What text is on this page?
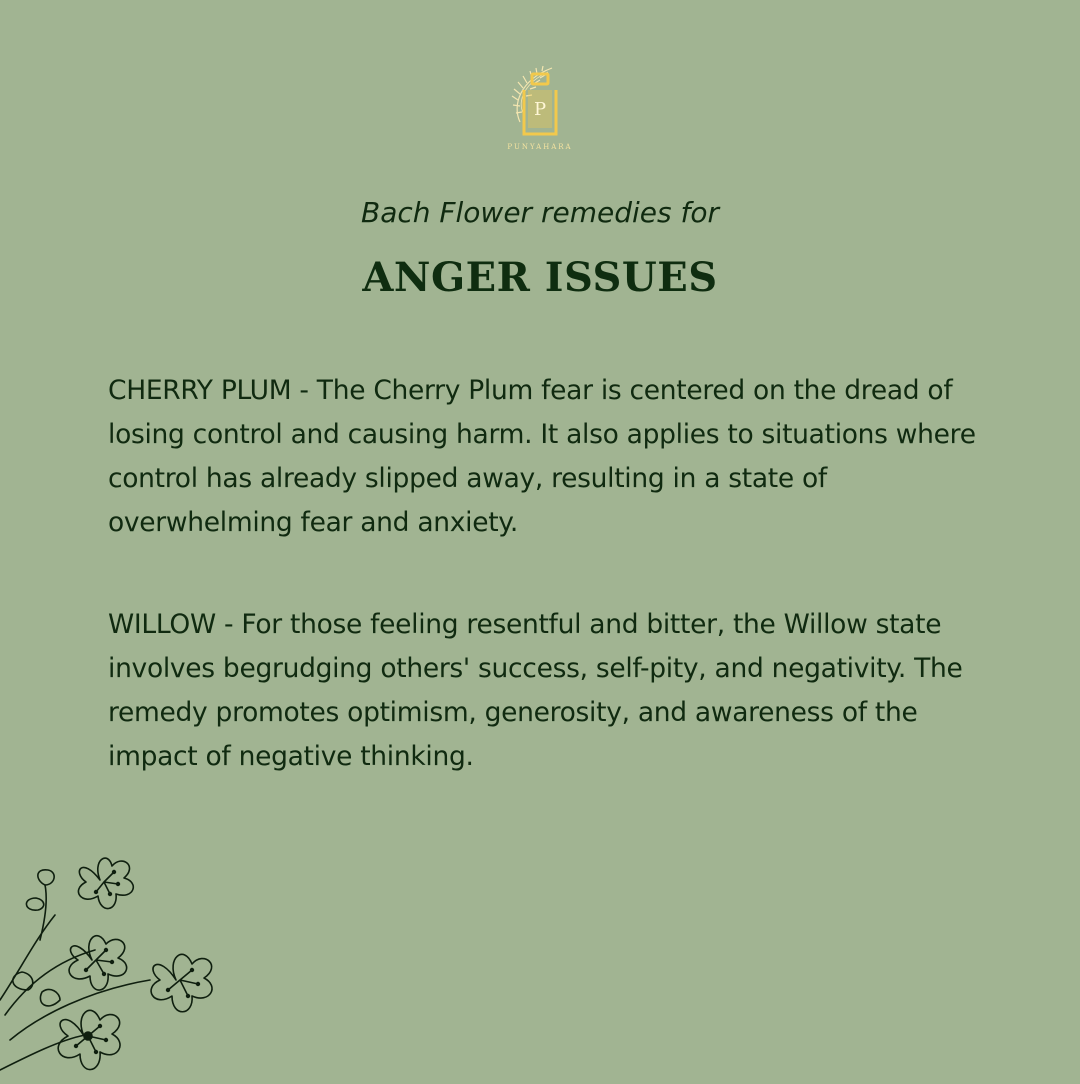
P
PUNYAHARA
Bach Flower remedies for
ANGER ISSUES
CHERRY PLUM - The Cherry Plum fear is centered on the dread of losing control and causing harm. It also applies to situations where control has already slipped away, resulting in a state of overwhelming fear and anxiety.
WILLOW - For those feeling resentful and bitter, the Willow state involves begrudging others' success, self-pity, and negativity. The remedy promotes optimism, generosity, and awareness of the impact of negative thinking.
